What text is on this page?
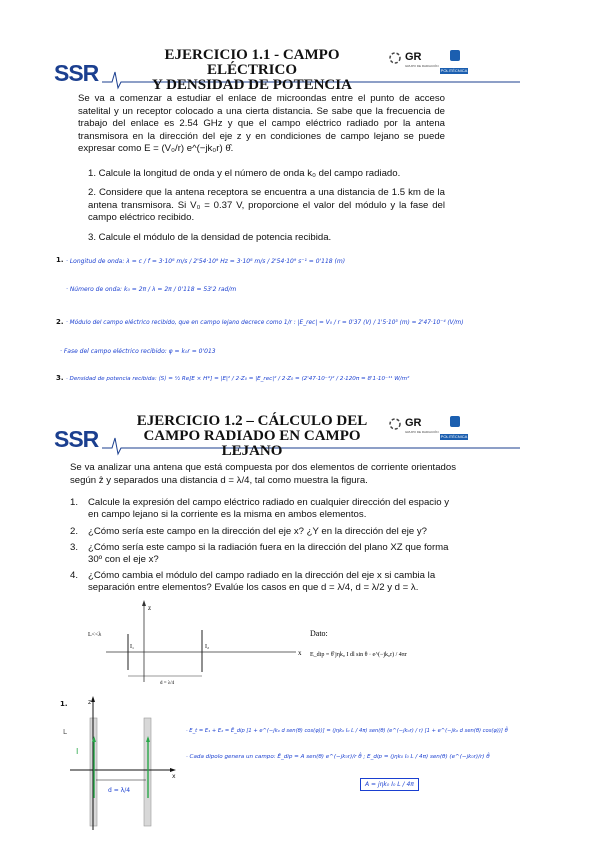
SSR
EJERCICIO 1.1 - CAMPO ELÉCTRICO
Y DENSIDAD DE POTENCIA
GR
GRUPO DE RADIACIÓN
POLITÉCNICA
Se va a comenzar a estudiar el enlace de microondas entre el punto de acceso satelital y un receptor colocado a una cierta distancia. Se sabe que la frecuencia de trabajo del enlace es 2.54 GHz y que el campo eléctrico radiado por la antena transmisora en la dirección del eje z y en condiciones de campo lejano se puede expresar como E = (V₀/r) e^(−jk₀r) θ̂.
1. Calcule la longitud de onda y el número de onda k₀ del campo radiado.
2. Considere que la antena receptora se encuentra a una distancia de 1.5 km de la antena transmisora. Si V₀ = 0.37 V, proporcione el valor del módulo y la fase del campo eléctrico recibido.
3. Calcule el módulo de la densidad de potencia recibida.
1. · Longitud de onda: λ = c / f = 3·10⁸ m/s / 2'54·10⁹ Hz = 3·10⁸ m/s / 2'54·10⁹ s⁻¹ = 0'118 (m)
· Número de onda: k₀ = 2π / λ = 2π / 0'118 = 53'2 rad/m
2. · Módulo del campo eléctrico recibido, que en campo lejano decrece como 1/r : |E_rec| = V₀ / r = 0'37 (V) / 1'5·10³ (m) = 2'47·10⁻⁴ (V/m)
· Fase del campo eléctrico recibido: φ = k₀r = 0'013
3. · Densidad de potencia recibida: ⟨S⟩ = ½ Re[E × H*] = |E|² / 2·Z₀ = |E_rec|² / 2·Z₀ = (2'47·10⁻⁴)² / 2·120π = 8'1·10⁻¹¹ W/m²
SSR
EJERCICIO 1.2 – CÁLCULO DEL
CAMPO RADIADO EN CAMPO LEJANO
GR
GRUPO DE RADIACIÓN
POLITÉCNICA
Se va analizar una antena que está compuesta por dos elementos de corriente orientados según ẑ y separados una distancia d = λ/4, tal como muestra la figura.
1. Calcule la expresión del campo eléctrico radiado en cualquier dirección del espacio y en campo lejano si la corriente es la misma en ambos elementos.
2. ¿Cómo sería este campo en la dirección del eje x? ¿Y en la dirección del eje y?
3. ¿Cómo sería este campo si la radiación fuera en la dirección del plano XZ que forma 30º con el eje x?
4. ¿Cómo cambia el módulo del campo radiado en la dirección del eje x si cambia la separación entre elementos? Evalúe los casos en que d = λ/4, d = λ/2 y d = λ.
z
x
L<<λ
I₁	I₂
d = λ/4
Dato:
E_dip = θ̂ jηk₀ I dl sin θ · e^(−jk₀r) / 4πr
1.	z
x
I
L
d = λ/4
· E_t = E₁ + E₂ = Ê_dip [1 + e^(−jk₀ d sen(θ) cos(φ))] = (jηk₀ I₀ L / 4π) sen(θ) (e^(−jk₀r) / r) [1 + e^(−jk₀ d sen(θ) cos(φ))] θ̂
· Cada dipolo genera un campo: Ê_dip = A sen(θ) e^(−jk₀r)/r θ̂ ; E_dip = (jηk₀ I₀ L / 4π) sen(θ) (e^(−jk₀r)/r) θ̂
A = jηk₀ I₀ L / 4π
